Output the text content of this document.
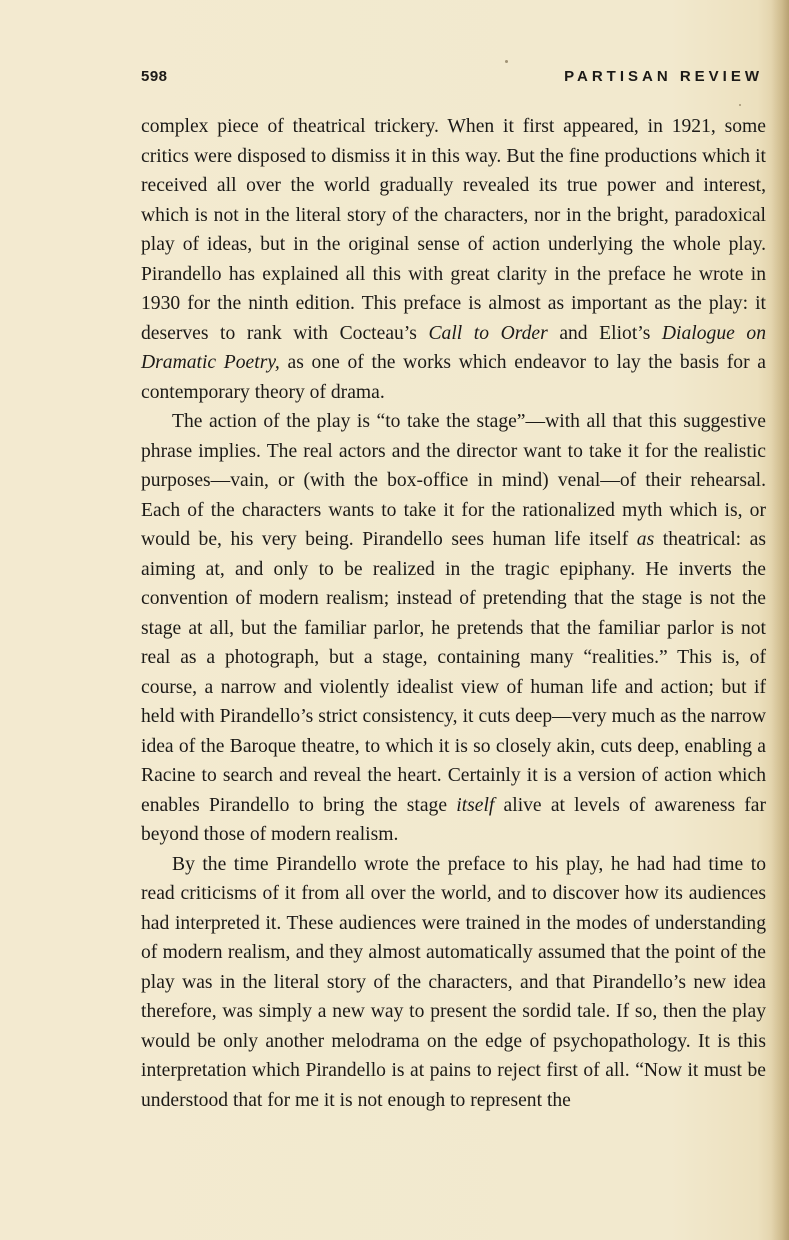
598	PARTISAN REVIEW

complex piece of theatrical trickery. When it first appeared, in 1921, some critics were disposed to dismiss it in this way. But the fine productions which it received all over the world gradually revealed its true power and interest, which is not in the literal story of the characters, nor in the bright, paradoxical play of ideas, but in the original sense of action underlying the whole play. Pirandello has explained all this with great clarity in the preface he wrote in 1930 for the ninth edition. This preface is almost as important as the play: it deserves to rank with Cocteau’s Call to Order and Eliot’s Dialogue on Dramatic Poetry, as one of the works which endeavor to lay the basis for a contemporary theory of drama.

The action of the play is “to take the stage”—with all that this suggestive phrase implies. The real actors and the director want to take it for the realistic purposes—vain, or (with the box-office in mind) venal—of their rehearsal. Each of the characters wants to take it for the rationalized myth which is, or would be, his very being. Pirandello sees human life itself as theatrical: as aiming at, and only to be realized in the tragic epiphany. He inverts the convention of modern realism; instead of pretending that the stage is not the stage at all, but the familiar parlor, he pretends that the familiar parlor is not real as a photograph, but a stage, containing many “realities.” This is, of course, a narrow and violently idealist view of human life and action; but if held with Pirandello’s strict consistency, it cuts deep—very much as the narrow idea of the Baroque theatre, to which it is so closely akin, cuts deep, enabling a Racine to search and reveal the heart. Certainly it is a version of action which enables Pirandello to bring the stage itself alive at levels of awareness far beyond those of modern realism.

By the time Pirandello wrote the preface to his play, he had had time to read criticisms of it from all over the world, and to discover how its audiences had interpreted it. These audiences were trained in the modes of understanding of modern realism, and they almost automatically assumed that the point of the play was in the literal story of the characters, and that Pirandello’s new idea therefore, was simply a new way to present the sordid tale. If so, then the play would be only another melodrama on the edge of psychopathology. It is this interpretation which Pirandello is at pains to reject first of all. “Now it must be understood that for me it is not enough to represent the
